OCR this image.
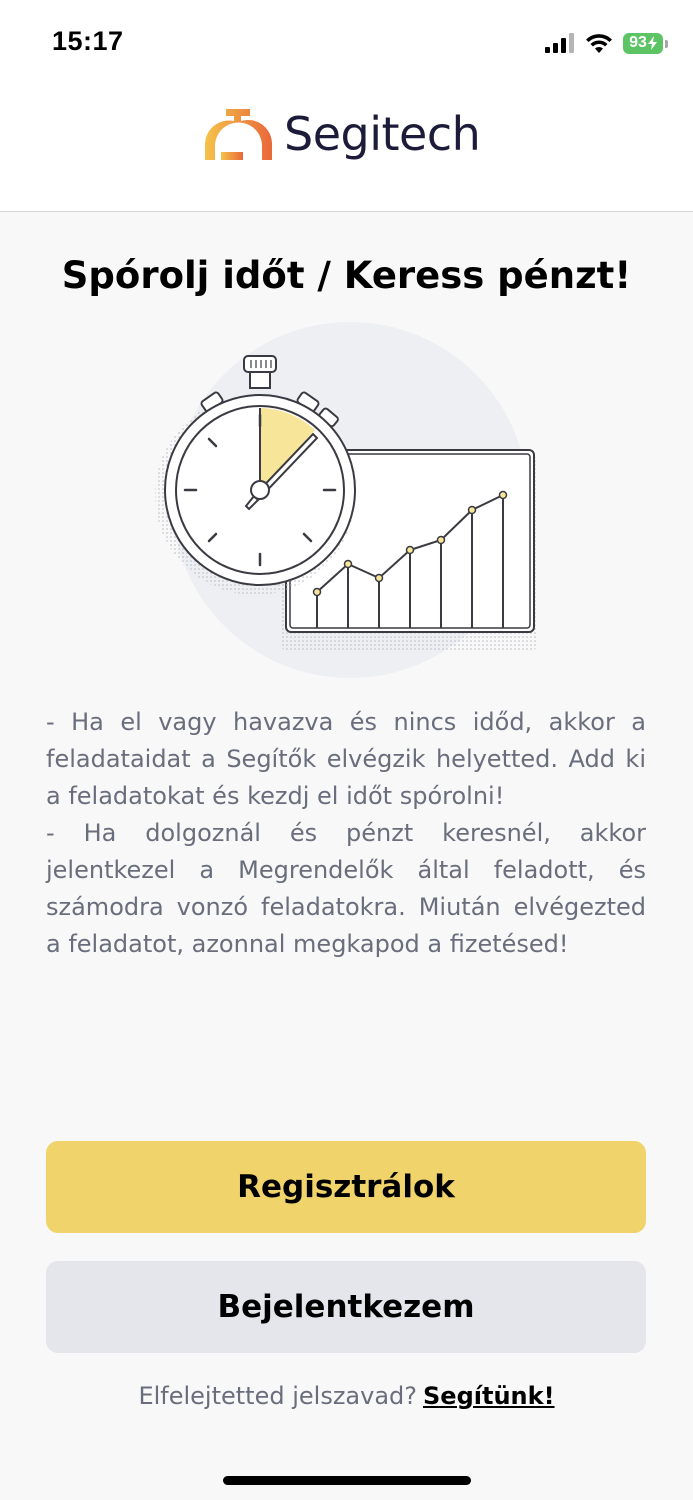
15:17	93
Segitech
Spórolj időt / Keress pénzt!

- Ha el vagy havazva és nincs időd, akkor a feladataidat a Segítők elvégzik helyetted. Add ki a feladatokat és kezdj el időt spórolni!

- Ha dolgoznál és pénzt keresnél, akkor jelentkezel a Megrendelők által feladott, és számodra vonzó feladatokra. Miután elvégezted a feladatot, azonnal megkapod a fizetésed!

Regisztrálok
Bejelentkezem
Elfelejtetted jelszavad? Segítünk!
